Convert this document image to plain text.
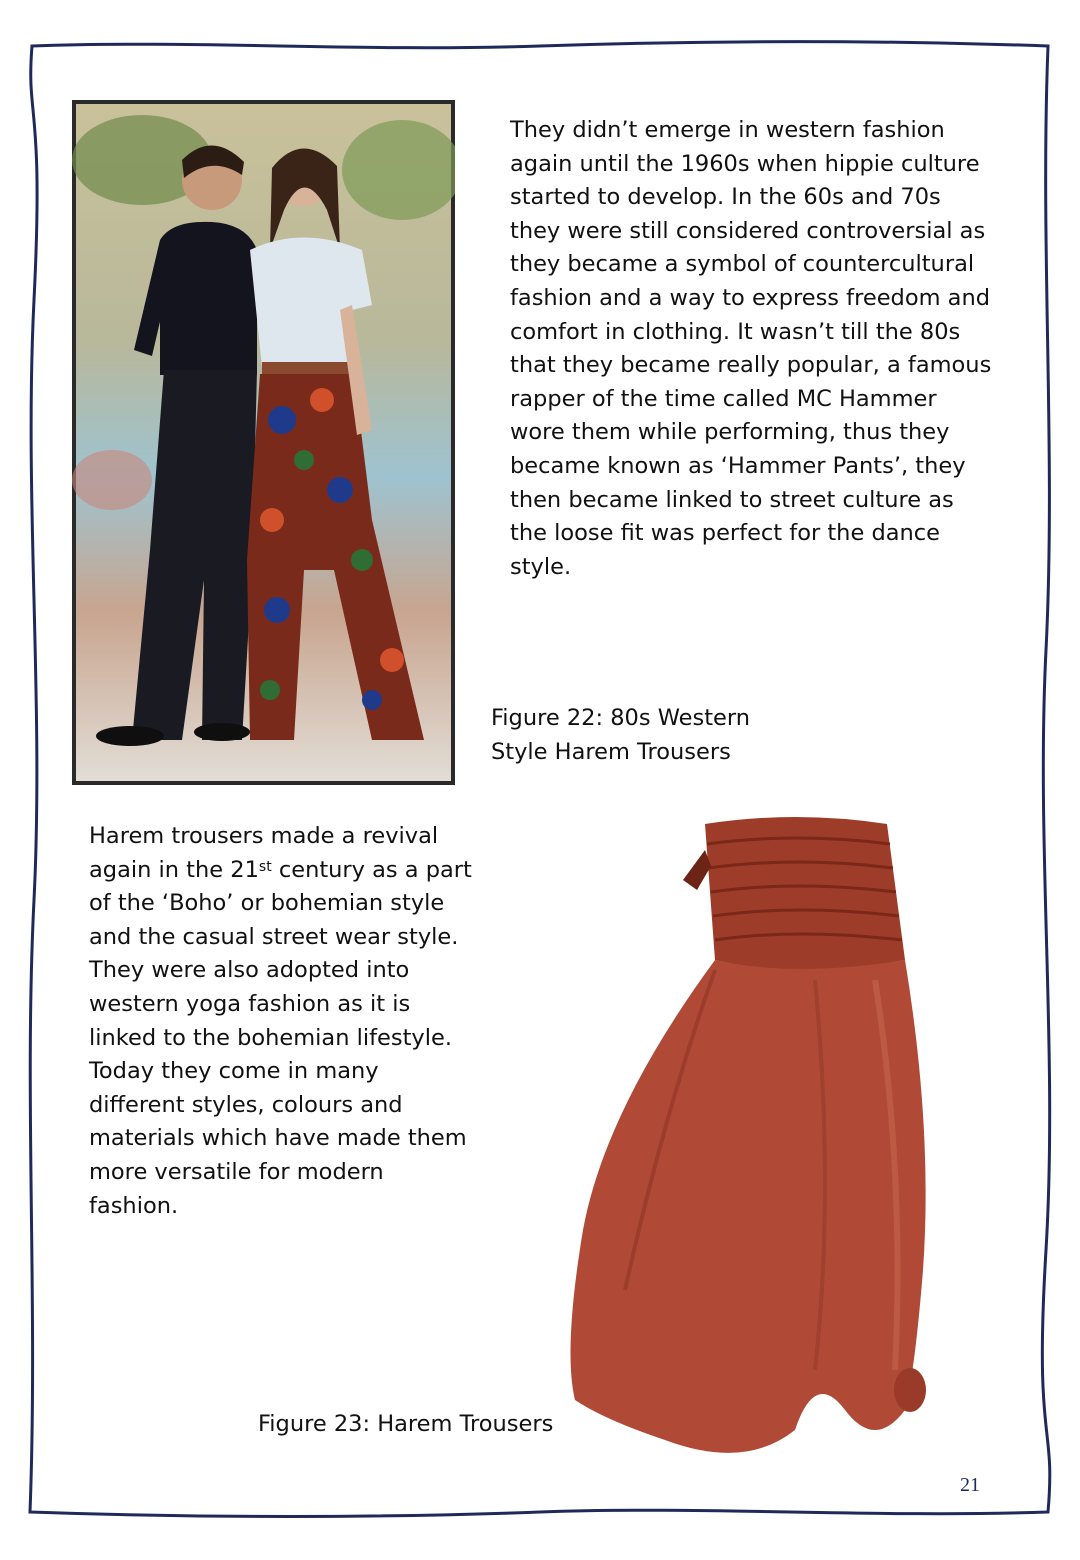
They didn’t emerge in western fashion
again until the 1960s when hippie culture
started to develop. In the 60s and 70s
they were still considered controversial as
they became a symbol of countercultural
fashion and a way to express freedom and
comfort in clothing. It wasn’t till the 80s
that they became really popular, a famous
rapper of the time called MC Hammer
wore them while performing, thus they
became known as ‘Hammer Pants’, they
then became linked to street culture as
the loose fit was perfect for the dance
style.

Figure 22: 80s Western
Style Harem Trousers

Harem trousers made a revival
again in the 21st century as a part
of the ‘Boho’ or bohemian style
and the casual street wear style.
They were also adopted into
western yoga fashion as it is
linked to the bohemian lifestyle.
Today they come in many
different styles, colours and
materials which have made them
more versatile for modern
fashion.

Figure 23: Harem Trousers

21
